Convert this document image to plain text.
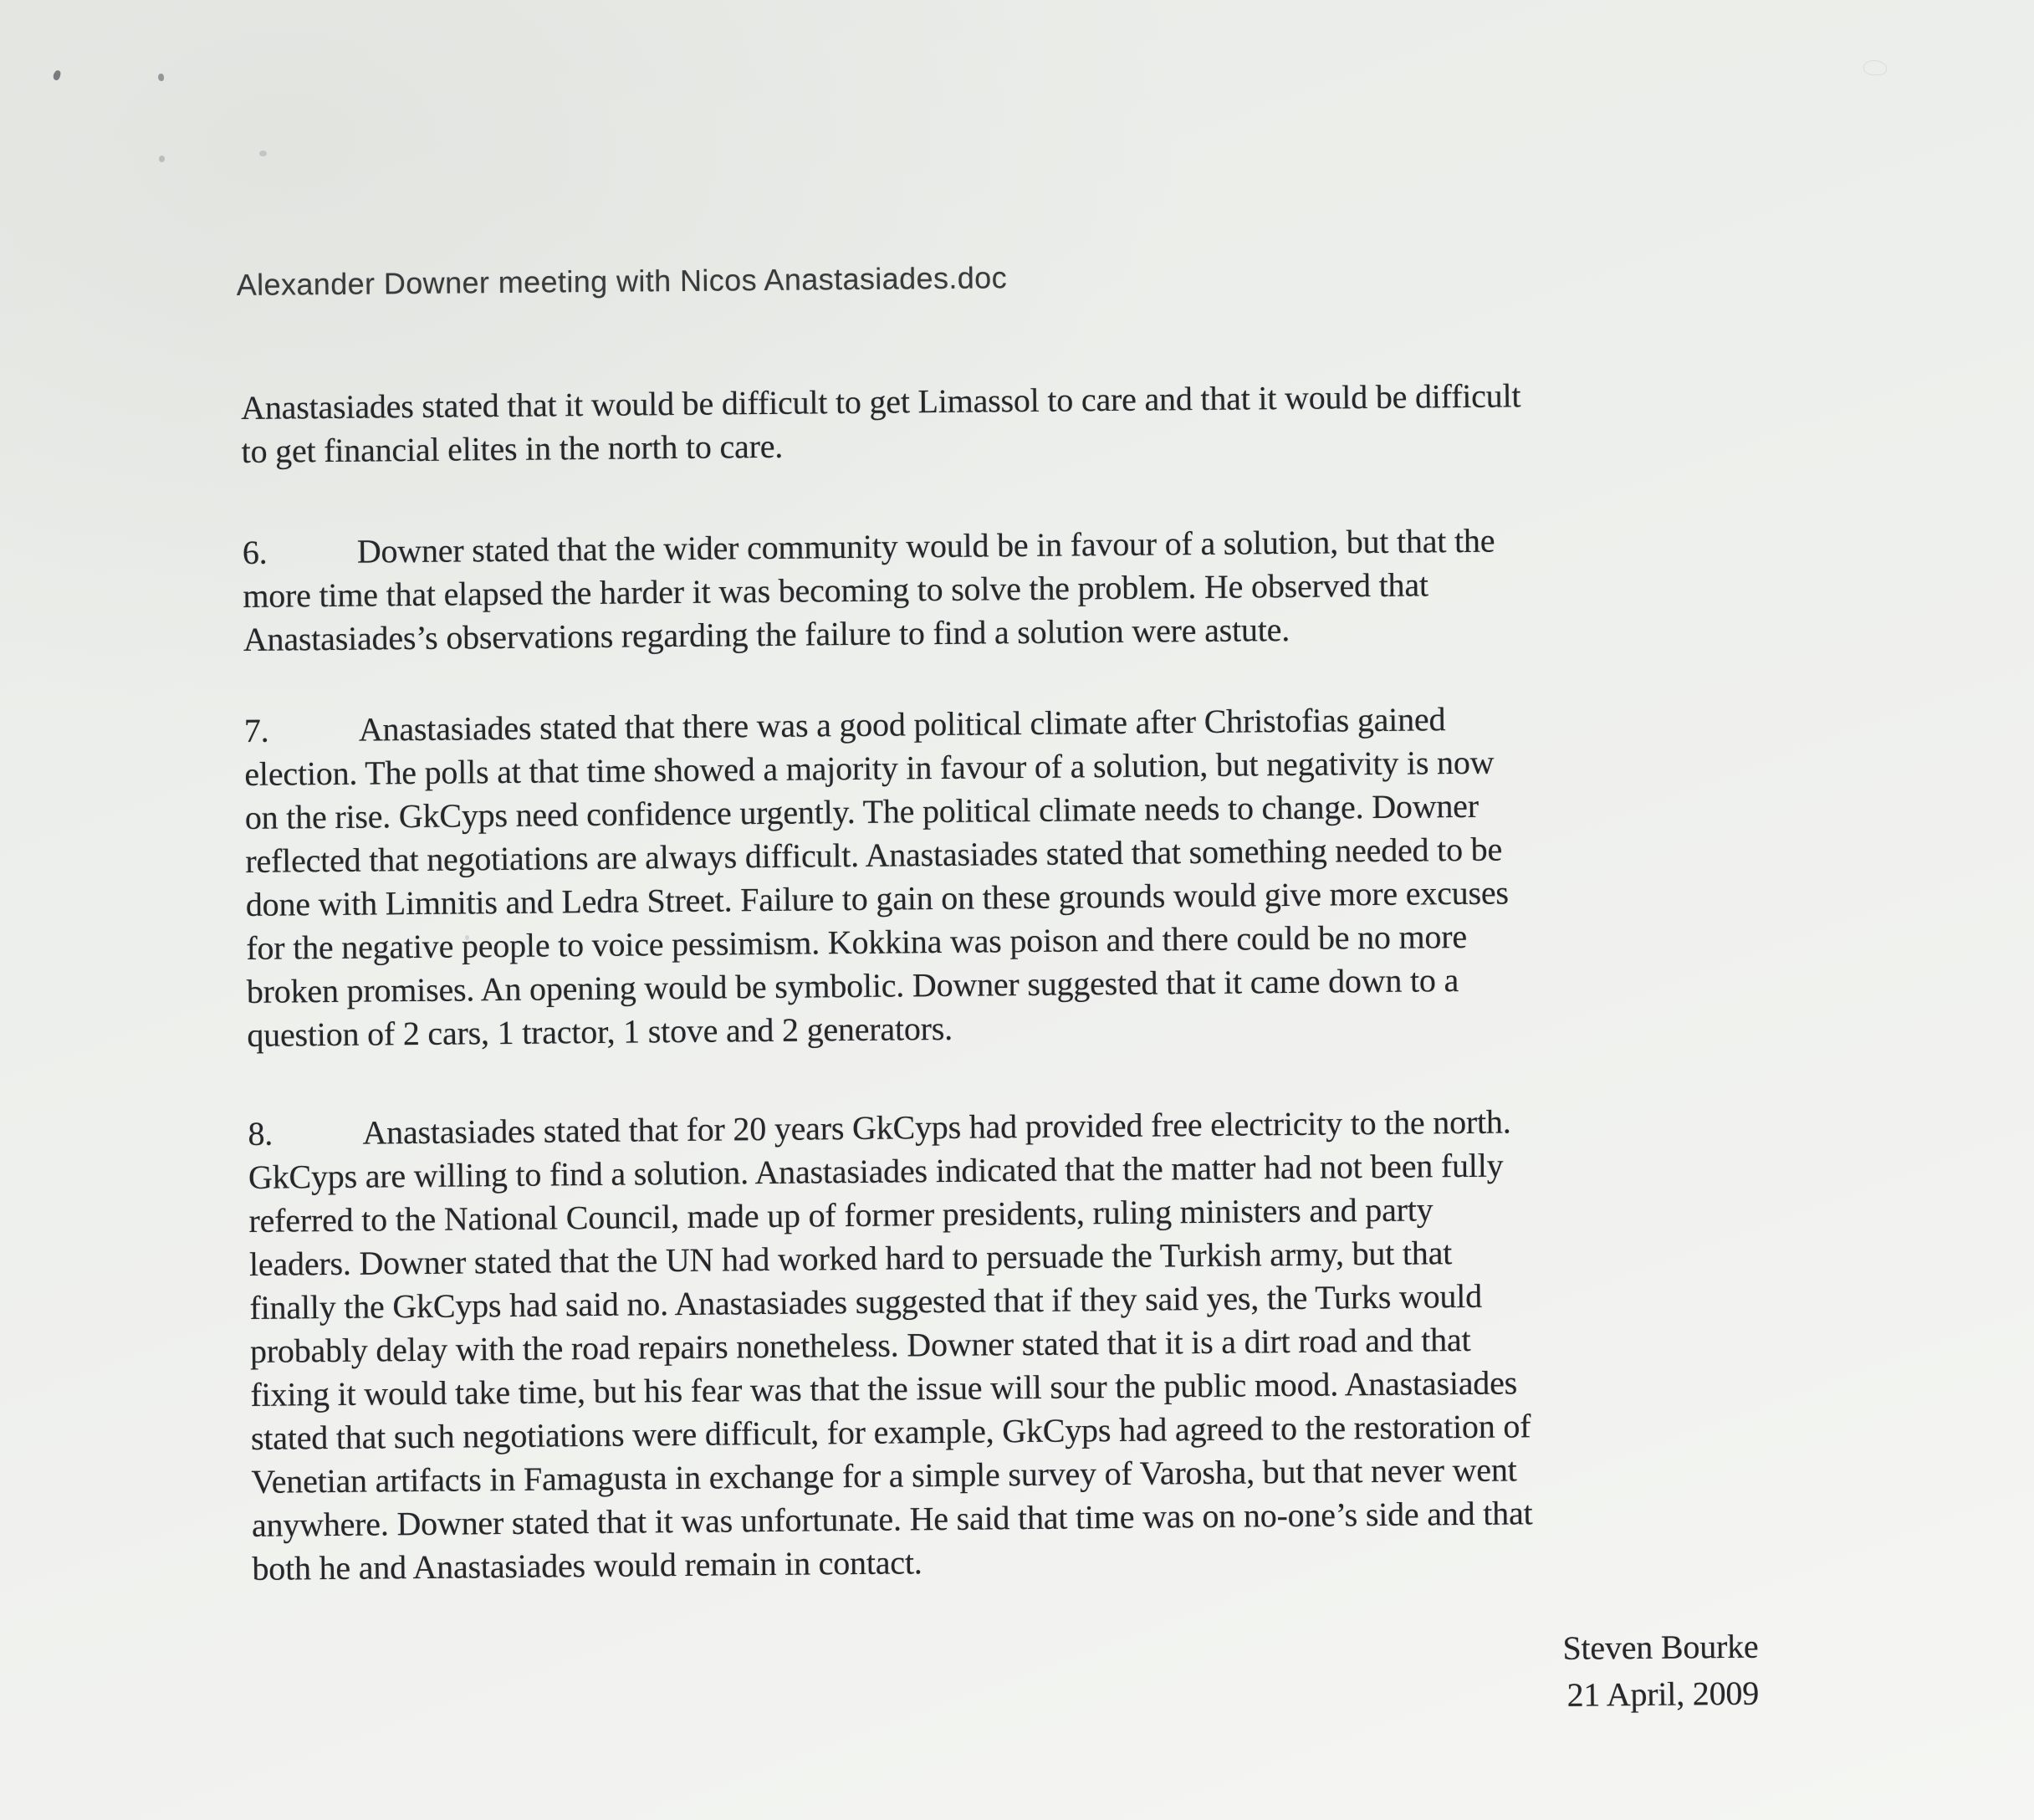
Alexander Downer meeting with Nicos Anastasiades.doc
Anastasiades stated that it would be difficult to get Limassol to care and that it would be difficult
to get financial elites in the north to care.
6.	Downer stated that the wider community would be in favour of a solution, but that the
more time that elapsed the harder it was becoming to solve the problem. He observed that
Anastasiades’s observations regarding the failure to find a solution were astute.
7.	Anastasiades stated that there was a good political climate after Christofias gained
election. The polls at that time showed a majority in favour of a solution, but negativity is now
on the rise. GkCyps need confidence urgently. The political climate needs to change. Downer
reflected that negotiations are always difficult. Anastasiades stated that something needed to be
done with Limnitis and Ledra Street. Failure to gain on these grounds would give more excuses
for the negative people to voice pessimism. Kokkina was poison and there could be no more
broken promises. An opening would be symbolic. Downer suggested that it came down to a
question of 2 cars, 1 tractor, 1 stove and 2 generators.
8.	Anastasiades stated that for 20 years GkCyps had provided free electricity to the north.
GkCyps are willing to find a solution. Anastasiades indicated that the matter had not been fully
referred to the National Council, made up of former presidents, ruling ministers and party
leaders. Downer stated that the UN had worked hard to persuade the Turkish army, but that
finally the GkCyps had said no. Anastasiades suggested that if they said yes, the Turks would
probably delay with the road repairs nonetheless. Downer stated that it is a dirt road and that
fixing it would take time, but his fear was that the issue will sour the public mood. Anastasiades
stated that such negotiations were difficult, for example, GkCyps had agreed to the restoration of
Venetian artifacts in Famagusta in exchange for a simple survey of Varosha, but that never went
anywhere. Downer stated that it was unfortunate. He said that time was on no-one’s side and that
both he and Anastasiades would remain in contact.
Steven Bourke
21 April, 2009
